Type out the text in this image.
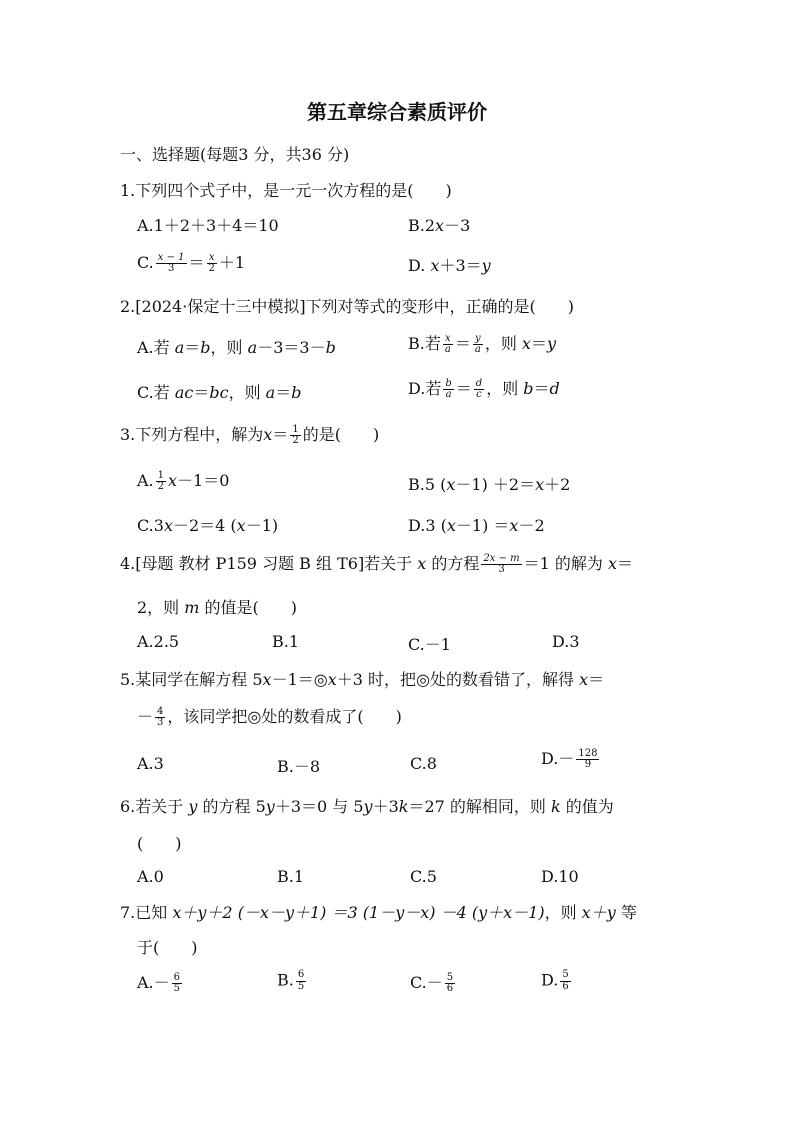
第五章综合素质评价
一、选择题(每题3 分，共36 分)
1.下列四个式子中，是一元一次方程的是(　　)
A.1＋2＋3＋4＝10	B.2x－3
C. $\frac{x - 1}{3} = \frac{x}{2} +1$	D. x＋3＝y
2.[2024·保定十三中模拟]下列对等式的变形中，正确的是(　　)
A.若 a＝b，则 a－3＝3－b	B.若 $\frac{x}{a} = \frac{y}{a}$ ，则 x＝y
C.若 ac＝bc，则 a＝b	D.若 $\frac{b}{a} = \frac{d}{c}$ ，则 b＝d
3.下列方程中，解为$x= \frac{1}{2}$ 的是(　　)
A. $\frac{1}{2} x-1=0$	B.5 (x－1) ＋2＝x＋2
C.3x－2＝4 (x－1)	D.3 (x－1) ＝x－2
4.[母题 教材 P159 习题 B 组 T6]若关于 x 的方程 $\frac{2x - m}{3} =1$ 的解为 x＝
2，则 m 的值是(　　)
A.2.5	B.1	C.－1	D.3
5.某同学在解方程 5x－1＝◎x＋3 时，把◎处的数看错了，解得 x＝
－ $\frac{4}{3}$ ，该同学把◎处的数看成了(　　)
A.3	B.－8	C.8	$D.- \frac{128}{9}$
6.若关于 y 的方程 5y＋3＝0 与 5y＋3k＝27 的解相同，则 k 的值为
(　　)
A.0	B.1	C.5	D.10
7.已知 x＋y＋2 (－x－y＋1) ＝3 (1－y－x) －4 (y＋x－1)，则 x＋y 等
于(　　)
$A.- \frac{6}{5}$	B. $\frac{6}{5}$	$C.- \frac{5}{6}$	D. $\frac{5}{6}$
